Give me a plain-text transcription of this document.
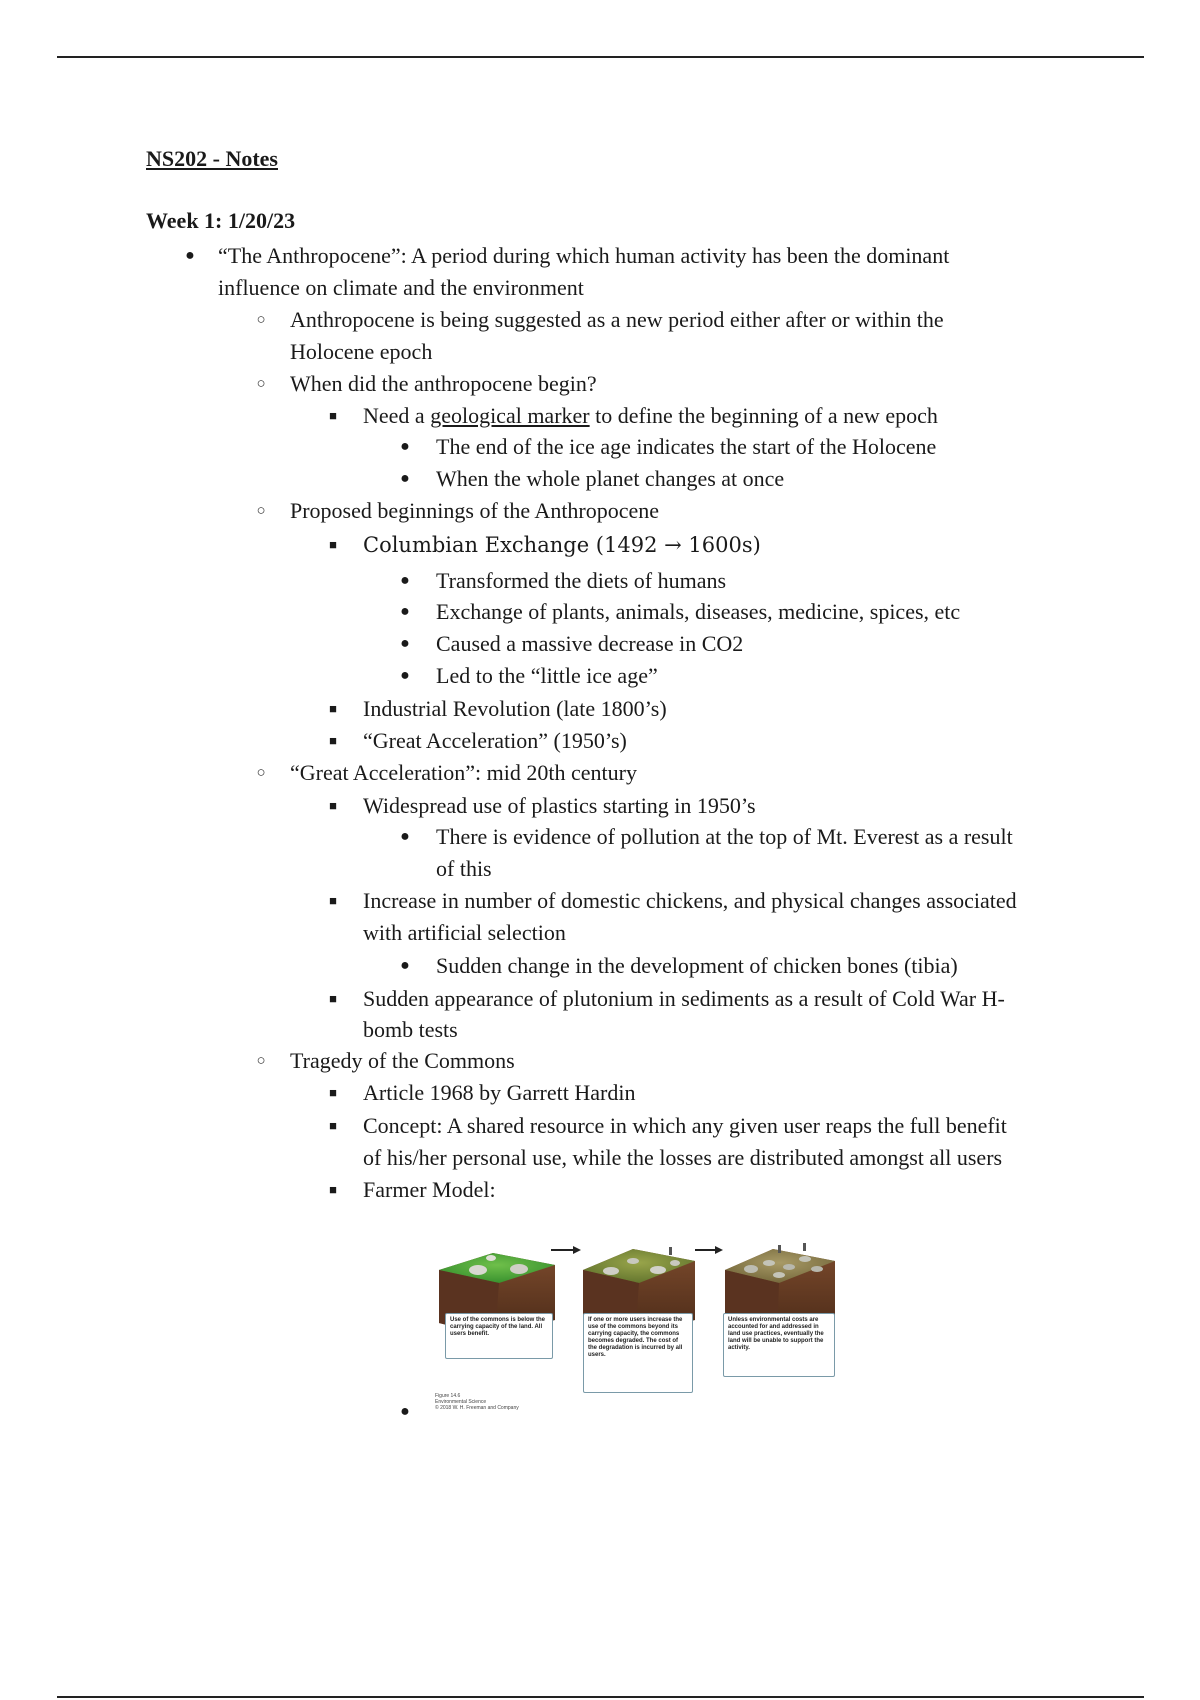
NS202 - Notes
Week 1: 1/20/23
● “The Anthropocene”: A period during which human activity has been the dominant
influence on climate and the environment
○ Anthropocene is being suggested as a new period either after or within the
Holocene epoch
○ When did the anthropocene begin?
■ Need a geological marker to define the beginning of a new epoch
● The end of the ice age indicates the start of the Holocene
● When the whole planet changes at once
○ Proposed beginnings of the Anthropocene
■ Columbian Exchange (1492 → 1600s)
● Transformed the diets of humans
● Exchange of plants, animals, diseases, medicine, spices, etc
● Caused a massive decrease in CO2
● Led to the “little ice age”
■ Industrial Revolution (late 1800’s)
■ “Great Acceleration” (1950’s)
○ “Great Acceleration”: mid 20th century
■ Widespread use of plastics starting in 1950’s
● There is evidence of pollution at the top of Mt. Everest as a result
of this
■ Increase in number of domestic chickens, and physical changes associated
with artificial selection
● Sudden change in the development of chicken bones (tibia)
■ Sudden appearance of plutonium in sediments as a result of Cold War H-
bomb tests
○ Tragedy of the Commons
■ Article 1968 by Garrett Hardin
■ Concept: A shared resource in which any given user reaps the full benefit
of his/her personal use, while the losses are distributed amongst all users
■ Farmer Model:
Use of the commons is below the carrying capacity of the land. All users benefit.
If one or more users increase the use of the commons beyond its carrying capacity, the commons becomes degraded. The cost of the degradation is incurred by all users.
Unless environmental costs are accounted for and addressed in land use practices, eventually the land will be unable to support the activity.
Figure 14.6
Environmental Science
© 2018 W. H. Freeman and Company
●
